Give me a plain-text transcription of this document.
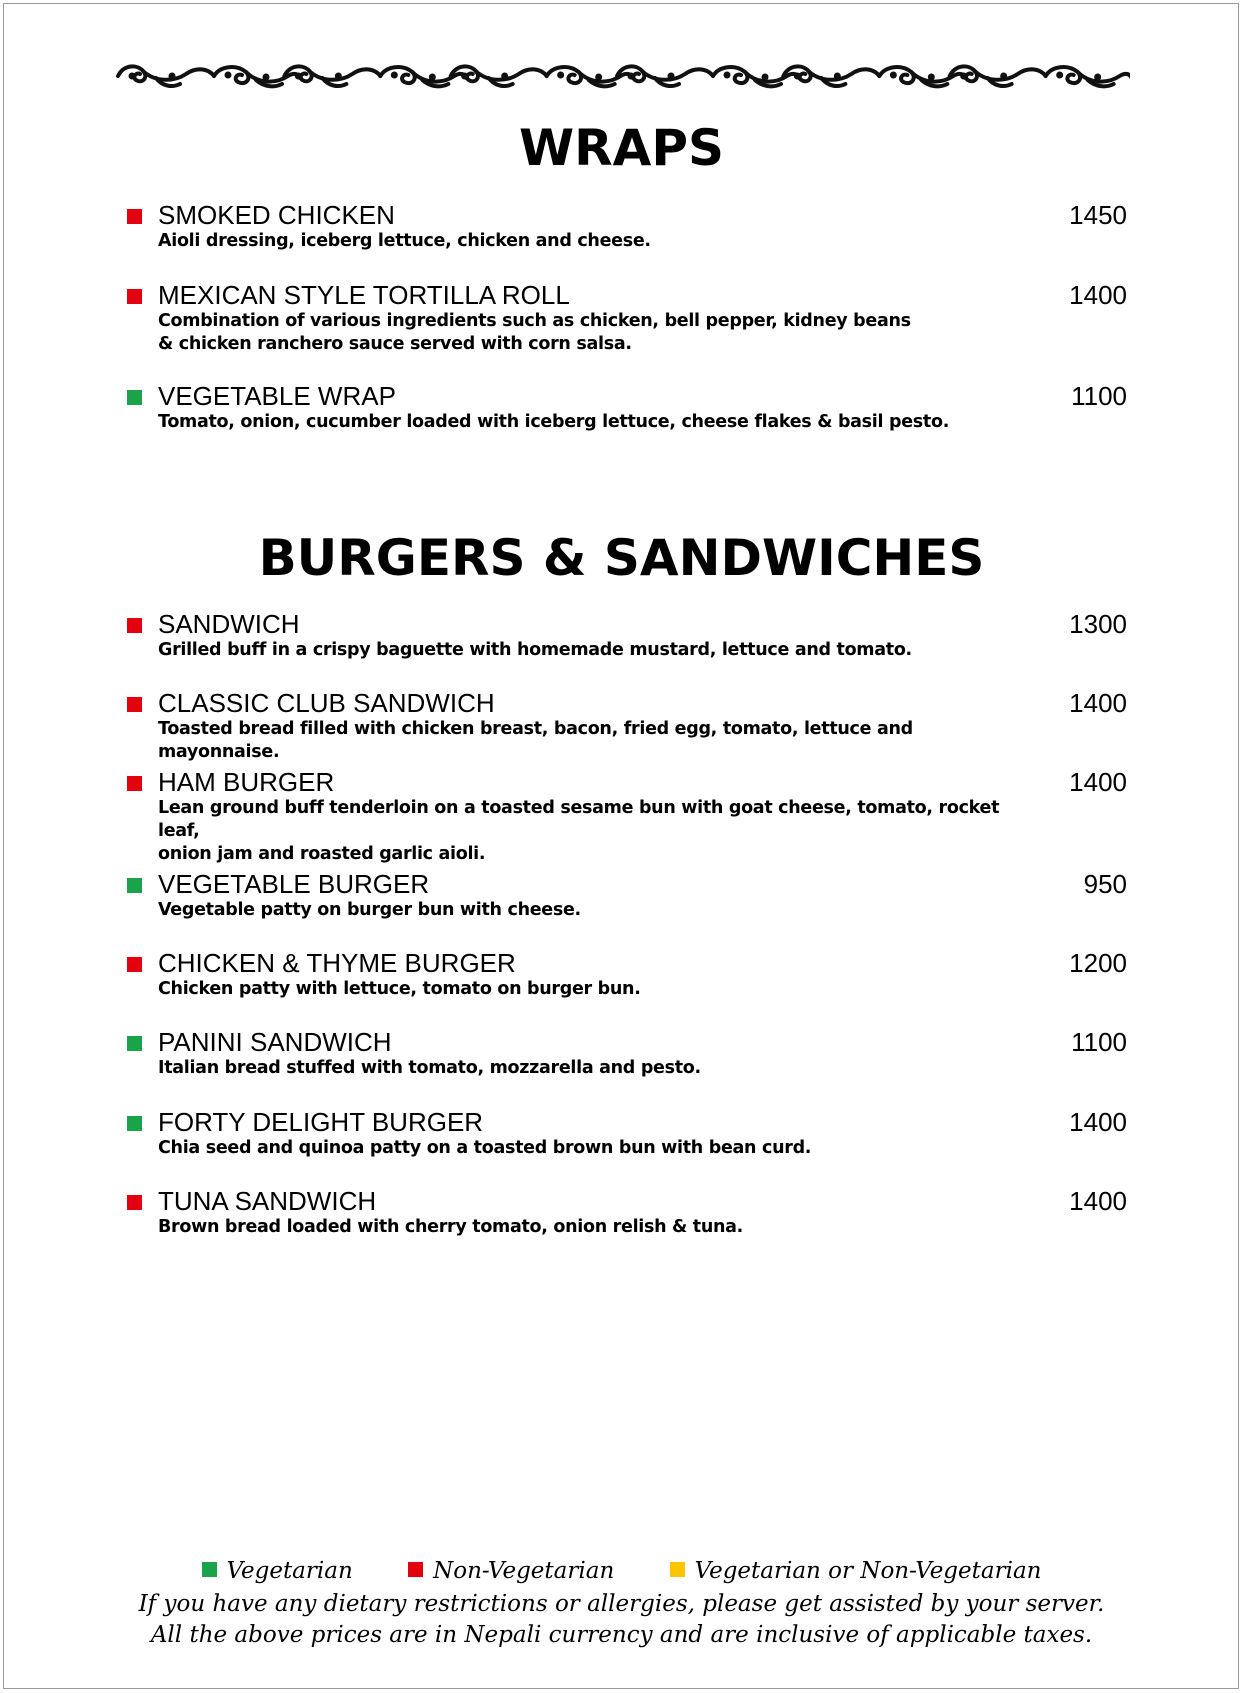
WRAPS
SMOKED CHICKEN	1450
Aioli dressing, iceberg lettuce, chicken and cheese.
MEXICAN STYLE TORTILLA ROLL	1400
Combination of various ingredients such as chicken, bell pepper, kidney beans
& chicken ranchero sauce served with corn salsa.
VEGETABLE WRAP	1100
Tomato, onion, cucumber loaded with iceberg lettuce, cheese flakes & basil pesto.
BURGERS & SANDWICHES
SANDWICH	1300
Grilled buff in a crispy baguette with homemade mustard, lettuce and tomato.
CLASSIC CLUB SANDWICH	1400
Toasted bread filled with chicken breast, bacon, fried egg, tomato, lettuce and mayonnaise.
HAM BURGER	1400
Lean ground buff tenderloin on a toasted sesame bun with goat cheese, tomato, rocket leaf,
onion jam and roasted garlic aioli.
VEGETABLE BURGER	950
Vegetable patty on burger bun with cheese.
CHICKEN & THYME BURGER	1200
Chicken patty with lettuce, tomato on burger bun.
PANINI SANDWICH	1100
Italian bread stuffed with tomato, mozzarella and pesto.
FORTY DELIGHT BURGER	1400
Chia seed and quinoa patty on a toasted brown bun with bean curd.
TUNA SANDWICH	1400
Brown bread loaded with cherry tomato, onion relish & tuna.
Vegetarian	Non-Vegetarian	Vegetarian or Non-Vegetarian
If you have any dietary restrictions or allergies, please get assisted by your server.
All the above prices are in Nepali currency and are inclusive of applicable taxes.
